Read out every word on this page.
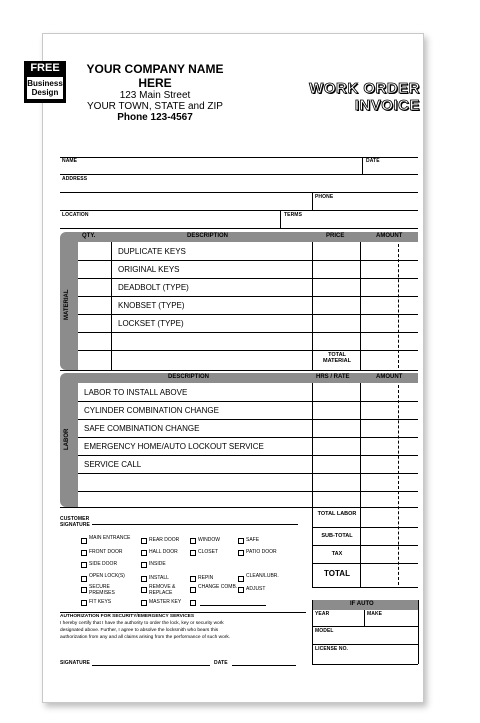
FREE
Business Design
YOUR COMPANY NAME HERE
123 Main Street
YOUR TOWN, STATE and ZIP
Phone 123-4567
WORK ORDER
INVOICE
NAME	DATE
ADDRESS
PHONE
LOCATION	TERMS
MATERIAL
QTY.	DESCRIPTION	PRICE	AMOUNT
DUPLICATE KEYS
ORIGINAL KEYS
DEADBOLT (TYPE)
KNOBSET (TYPE)
LOCKSET (TYPE)
TOTAL MATERIAL
LABOR
DESCRIPTION	HRS / RATE	AMOUNT
LABOR TO INSTALL ABOVE
CYLINDER COMBINATION CHANGE
SAFE COMBINATION CHANGE
EMERGENCY HOME/AUTO LOCKOUT SERVICE
SERVICE CALL
TOTAL LABOR
SUB-TOTAL
TAX
TOTAL
CUSTOMER SIGNATURE
MAIN ENTRANCE	REAR DOOR	WINDOW	SAFE
FRONT DOOR	HALL DOOR	CLOSET	PATIO DOOR
SIDE DOOR	INSIDE
OPEN LOCK(S)	INSTALL	REPIN	CLEAN/LUBR.
SECURE PREMISES
REMOVE & REPLACE
CHANGE COMB.	ADJUST
FIT KEYS	MASTER KEY	IF AUTO
YEAR	MAKE
MODEL
LICENSE NO.
AUTHORIZATION FOR SECURITY/EMERGENCY SERVICES
I hereby certify that I have the authority to order the lock, key or security work
designated above. Further, I agree to absolve the locksmith who bears this
authorization from any and all claims arising from the performance of such work.
SIGNATURE	DATE
